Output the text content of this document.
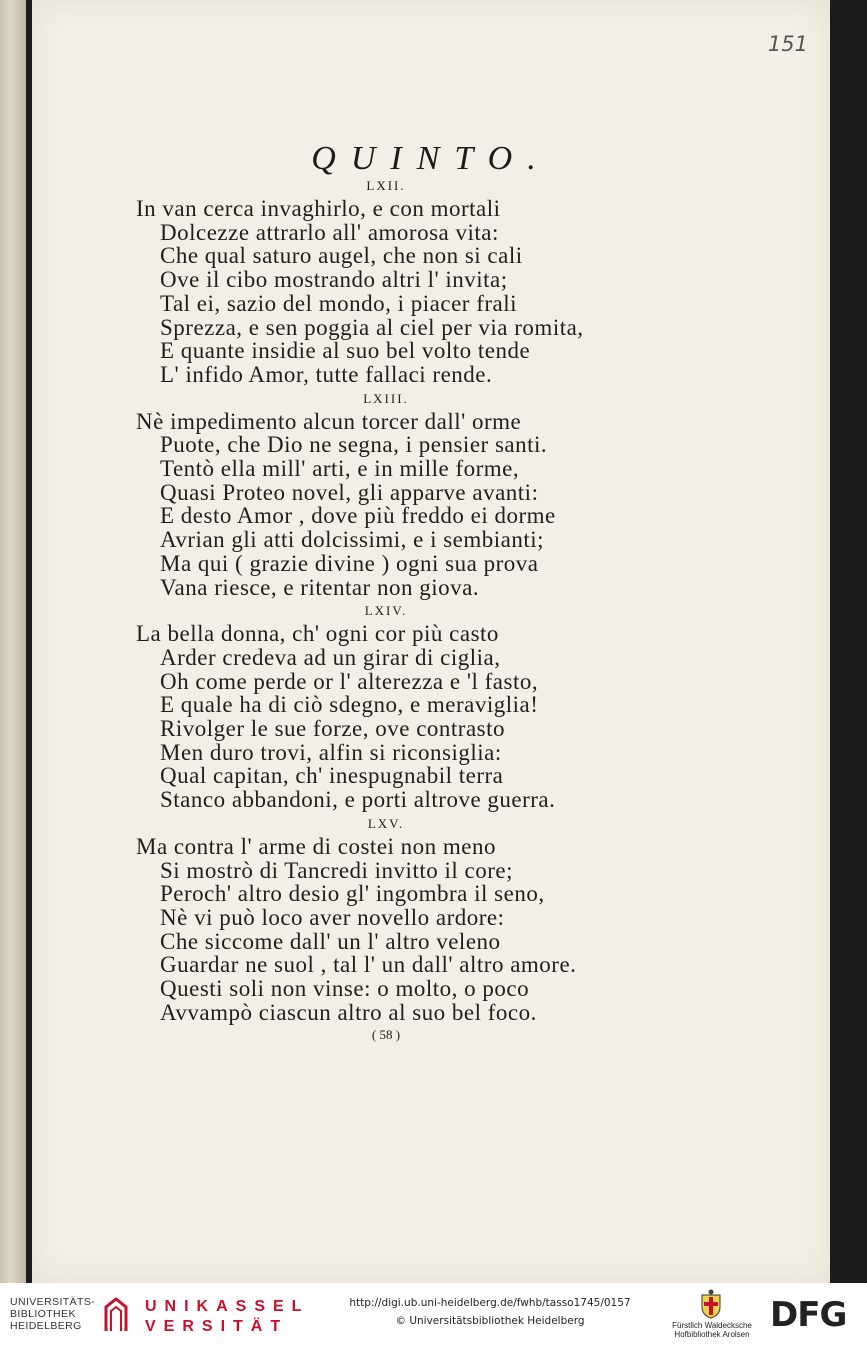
151
QUINTO.
LXII.
In van cerca invaghirlo, e con mortali
Dolcezze attrarlo all' amorosa vita:
Che qual saturo augel, che non si cali
Ove il cibo mostrando altri l' invita;
Tal ei, sazio del mondo, i piacer frali
Sprezza, e sen poggia al ciel per via romita,
E quante insidie al suo bel volto tende
L' infido Amor, tutte fallaci rende.
LXIII.
Nè impedimento alcun torcer dall' orme
Puote, che Dio ne segna, i pensier santi.
Tentò ella mill' arti, e in mille forme,
Quasi Proteo novel, gli apparve avanti:
E desto Amor , dove più freddo ei dorme
Avrian gli atti dolcissimi, e i sembianti;
Ma qui ( grazie divine ) ogni sua prova
Vana riesce, e ritentar non giova.
LXIV.
La bella donna, ch' ogni cor più casto
Arder credeva ad un girar di ciglia,
Oh come perde or l' alterezza e 'l fasto,
E quale ha di ciò sdegno, e meraviglia!
Rivolger le sue forze, ove contrasto
Men duro trovi, alfin si riconsiglia:
Qual capitan, ch' inespugnabil terra
Stanco abbandoni, e porti altrove guerra.
LXV.
Ma contra l' arme di costei non meno
Si mostrò di Tancredi invitto il core;
Peroch' altro desio gl' ingombra il seno,
Nè vi può loco aver novello ardore:
Che siccome dall' un l' altro veleno
Guardar ne suol , tal l' un dall' altro amore.
Questi soli non vinse: o molto, o poco
Avvampò ciascun altro al suo bel foco.
( 58 )
UNIVERSITÄTS-
BIBLIOTHEK
HEIDELBERG
UNIKASSEL
VERSITÄT
http://digi.ub.uni-heidelberg.de/fwhb/tasso1745/0157
© Universitätsbibliothek Heidelberg	Fürstlich Waldecksche
Hofbibliothek Arolsen DFG
